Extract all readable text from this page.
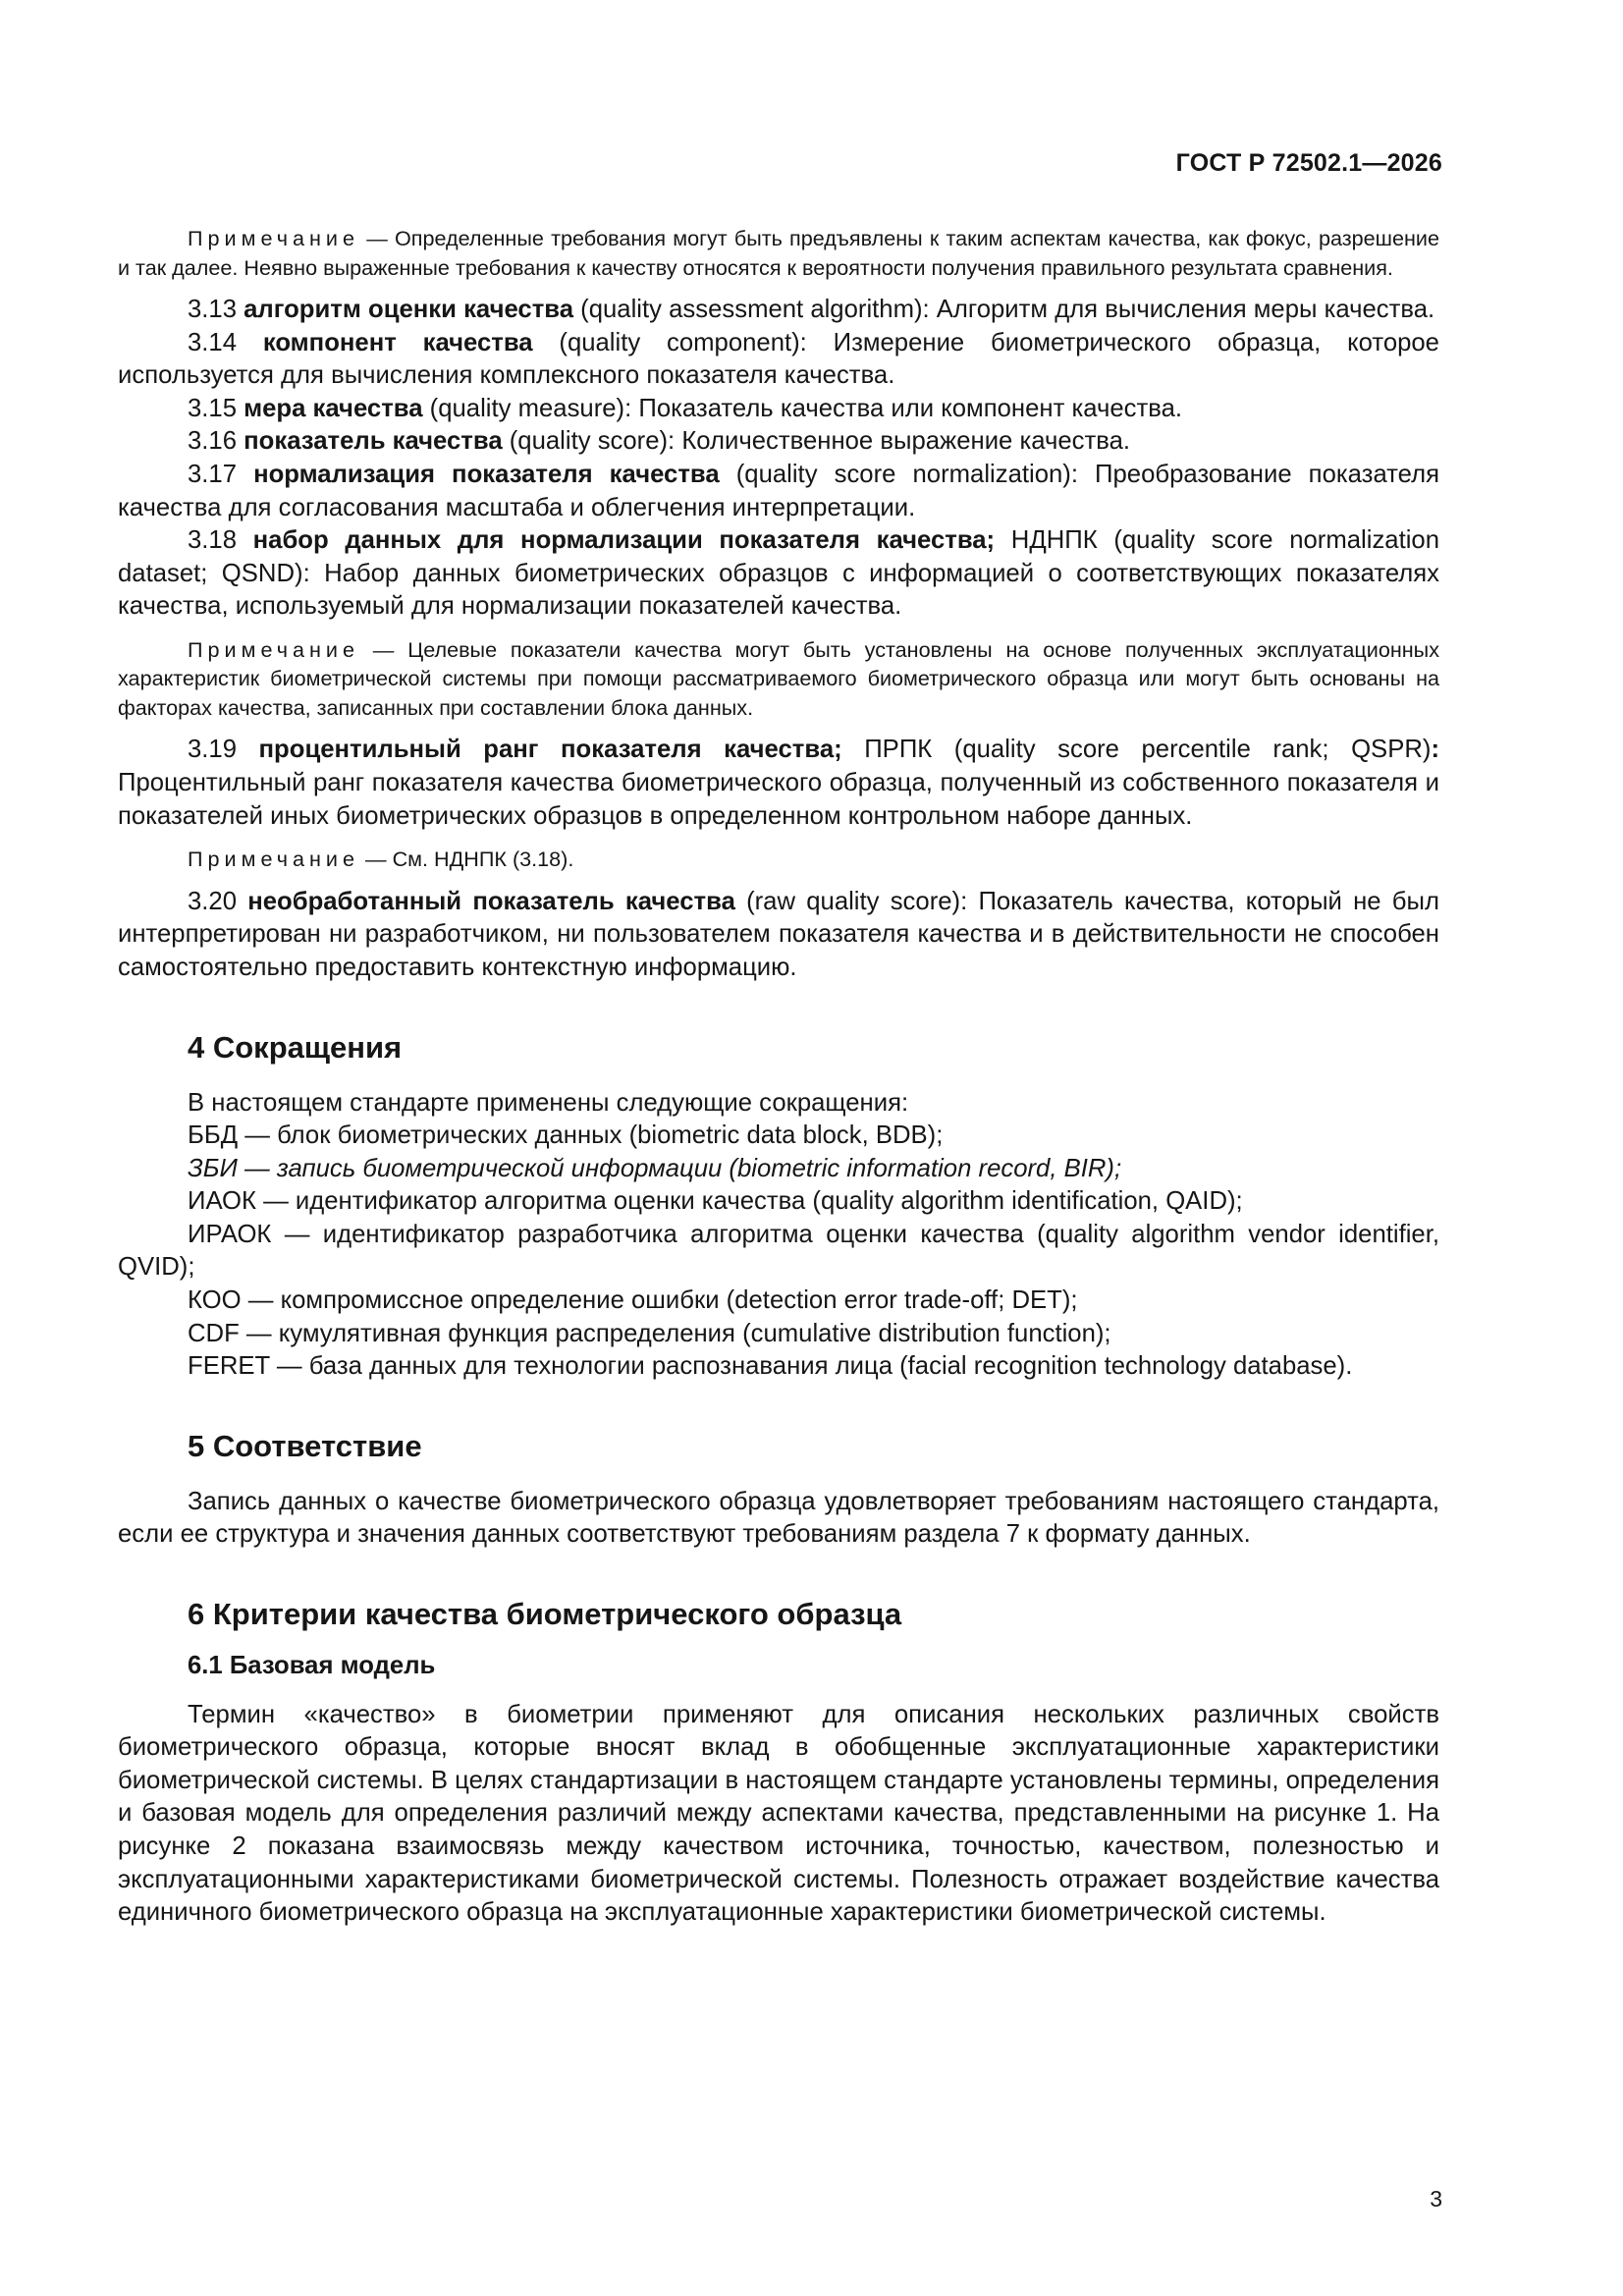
ГОСТ Р 72502.1—2026

Примечание — Определенные требования могут быть предъявлены к таким аспектам качества, как фокус, разрешение и так далее. Неявно выраженные требования к качеству относятся к вероятности получения правильного результата сравнения.

3.13 алгоритм оценки качества (quality assessment algorithm): Алгоритм для вычисления меры качества.

3.14 компонент качества (quality component): Измерение биометрического образца, которое используется для вычисления комплексного показателя качества.

3.15 мера качества (quality measure): Показатель качества или компонент качества.

3.16 показатель качества (quality score): Количественное выражение качества.

3.17 нормализация показателя качества (quality score normalization): Преобразование показателя качества для согласования масштаба и облегчения интерпретации.

3.18 набор данных для нормализации показателя качества; НДНПК (quality score normalization dataset; QSND): Набор данных биометрических образцов с информацией о соответствующих показателях качества, используемый для нормализации показателей качества.

Примечание — Целевые показатели качества могут быть установлены на основе полученных эксплуатационных характеристик биометрической системы при помощи рассматриваемого биометрического образца или могут быть основаны на факторах качества, записанных при составлении блока данных.

3.19 процентильный ранг показателя качества; ПРПК (quality score percentile rank; QSPR): Процентильный ранг показателя качества биометрического образца, полученный из собственного показателя и показателей иных биометрических образцов в определенном контрольном наборе данных.

Примечание — См. НДНПК (3.18).

3.20 необработанный показатель качества (raw quality score): Показатель качества, который не был интерпретирован ни разработчиком, ни пользователем показателя качества и в действительности не способен самостоятельно предоставить контекстную информацию.

4 Сокращения

В настоящем стандарте применены следующие сокращения:

ББД — блок биометрических данных (biometric data block, BDB);

ЗБИ — запись биометрической информации (biometric information record, BIR);

ИАОК — идентификатор алгоритма оценки качества (quality algorithm identification, QAID);

ИРАОК — идентификатор разработчика алгоритма оценки качества (quality algorithm vendor identifier, QVID);

КОО — компромиссное определение ошибки (detection error trade-off; DET);

CDF — кумулятивная функция распределения (cumulative distribution function);

FERET — база данных для технологии распознавания лица (facial recognition technology database).

5 Соответствие

Запись данных о качестве биометрического образца удовлетворяет требованиям настоящего стандарта, если ее структура и значения данных соответствуют требованиям раздела 7 к формату данных.

6 Критерии качества биометрического образца
6.1 Базовая модель

Термин «качество» в биометрии применяют для описания нескольких различных свойств биометрического образца, которые вносят вклад в обобщенные эксплуатационные характеристики биометрической системы. В целях стандартизации в настоящем стандарте установлены термины, определения и базовая модель для определения различий между аспектами качества, представленными на рисунке 1. На рисунке 2 показана взаимосвязь между качеством источника, точностью, качеством, полезностью и эксплуатационными характеристиками биометрической системы. Полезность отражает воздействие качества единичного биометрического образца на эксплуатационные характеристики биометрической системы.

3
